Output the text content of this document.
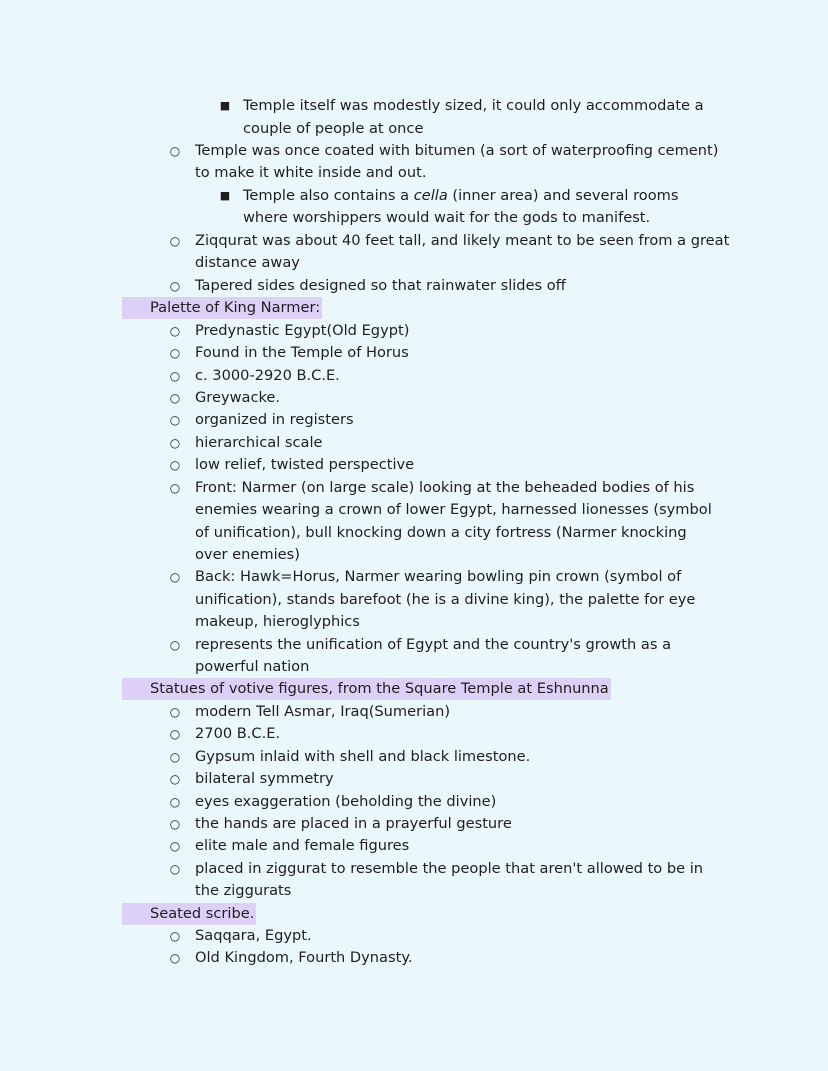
■ Temple itself was modestly sized, it could only accommodate a
couple of people at once
○	Temple was once coated with bitumen (a sort of waterproofing cement)
to make it white inside and out.
■ Temple also contains a cella (inner area) and several rooms
where worshippers would wait for the gods to manifest.
○	Ziqqurat was about 40 feet tall, and likely meant to be seen from a great
distance away
○	Tapered sides designed so that rainwater slides off
Palette of King Narmer:
○	Predynastic Egypt(Old Egypt)
○	Found in the Temple of Horus
○	c. 3000-2920 B.C.E.
○	Greywacke.
○	organized in registers
○	hierarchical scale
○	low relief, twisted perspective
○	Front: Narmer (on large scale) looking at the beheaded bodies of his
enemies wearing a crown of lower Egypt, harnessed lionesses (symbol
of unification), bull knocking down a city fortress (Narmer knocking
over enemies)
○	Back: Hawk=Horus, Narmer wearing bowling pin crown (symbol of
unification), stands barefoot (he is a divine king), the palette for eye
makeup, hieroglyphics
○	represents the unification of Egypt and the country's growth as a
powerful nation
Statues of votive figures, from the Square Temple at Eshnunna
○	modern Tell Asmar, Iraq(Sumerian)
○	2700 B.C.E.
○	Gypsum inlaid with shell and black limestone.
○	bilateral symmetry
○	eyes exaggeration (beholding the divine)
○	the hands are placed in a prayerful gesture
○	elite male and female figures
○	placed in ziggurat to resemble the people that aren't allowed to be in
the ziggurats
Seated scribe.
○	Saqqara, Egypt.
○	Old Kingdom, Fourth Dynasty.
